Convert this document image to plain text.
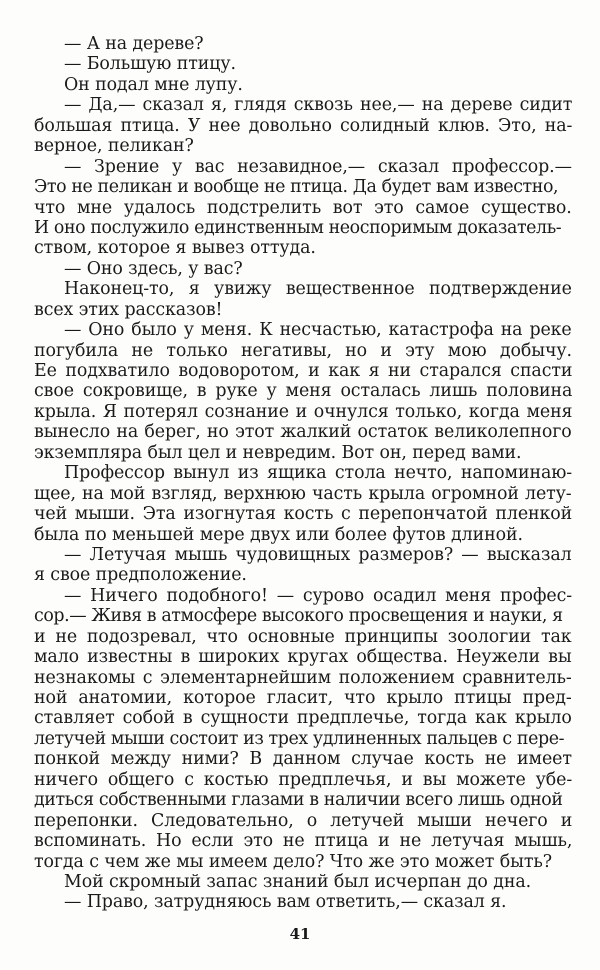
— А на дереве?
— Большую птицу.
Он подал мне лупу.
— Да,— сказал я, глядя сквозь нее,— на дереве сидит
большая птица. У нее довольно солидный клюв. Это, на-
верное, пеликан?
— Зрение у вас незавидное,— сказал профессор.—
Это не пеликан и вообще не птица. Да будет вам известно,
что мне удалось подстрелить вот это самое существо.
И оно послужило единственным неоспоримым доказатель-
ством, которое я вывез оттуда.
— Оно здесь, у вас?
Наконец-то, я увижу вещественное подтверждение
всех этих рассказов!
— Оно было у меня. К несчастью, катастрофа на реке
погубила не только негативы, но и эту мою добычу.
Ее подхватило водоворотом, и как я ни старался спасти
свое сокровище, в руке у меня осталась лишь половина
крыла. Я потерял сознание и очнулся только, когда меня
вынесло на берег, но этот жалкий остаток великолепного
экземпляра был цел и невредим. Вот он, перед вами.
Профессор вынул из ящика стола нечто, напоминаю-
щее, на мой взгляд, верхнюю часть крыла огромной лету-
чей мыши. Эта изогнутая кость с перепончатой пленкой
была по меньшей мере двух или более футов длиной.
— Летучая мышь чудовищных размеров? — высказал
я свое предположение.
— Ничего подобного! — сурово осадил меня профес-
сор.— Живя в атмосфере высокого просвещения и науки, я
и не подозревал, что основные принципы зоологии так
мало известны в широких кругах общества. Неужели вы
незнакомы с элементарнейшим положением сравнитель-
ной анатомии, которое гласит, что крыло птицы пред-
ставляет собой в сущности предплечье, тогда как крыло
летучей мыши состоит из трех удлиненных пальцев с пере-
понкой между ними? В данном случае кость не имеет
ничего общего с костью предплечья, и вы можете убе-
диться собственными глазами в наличии всего лишь одной
перепонки. Следовательно, о летучей мыши нечего и
вспоминать. Но если это не птица и не летучая мышь,
тогда с чем же мы имеем дело? Что же это может быть?
Мой скромный запас знаний был исчерпан до дна.
— Право, затрудняюсь вам ответить,— сказал я.
41
